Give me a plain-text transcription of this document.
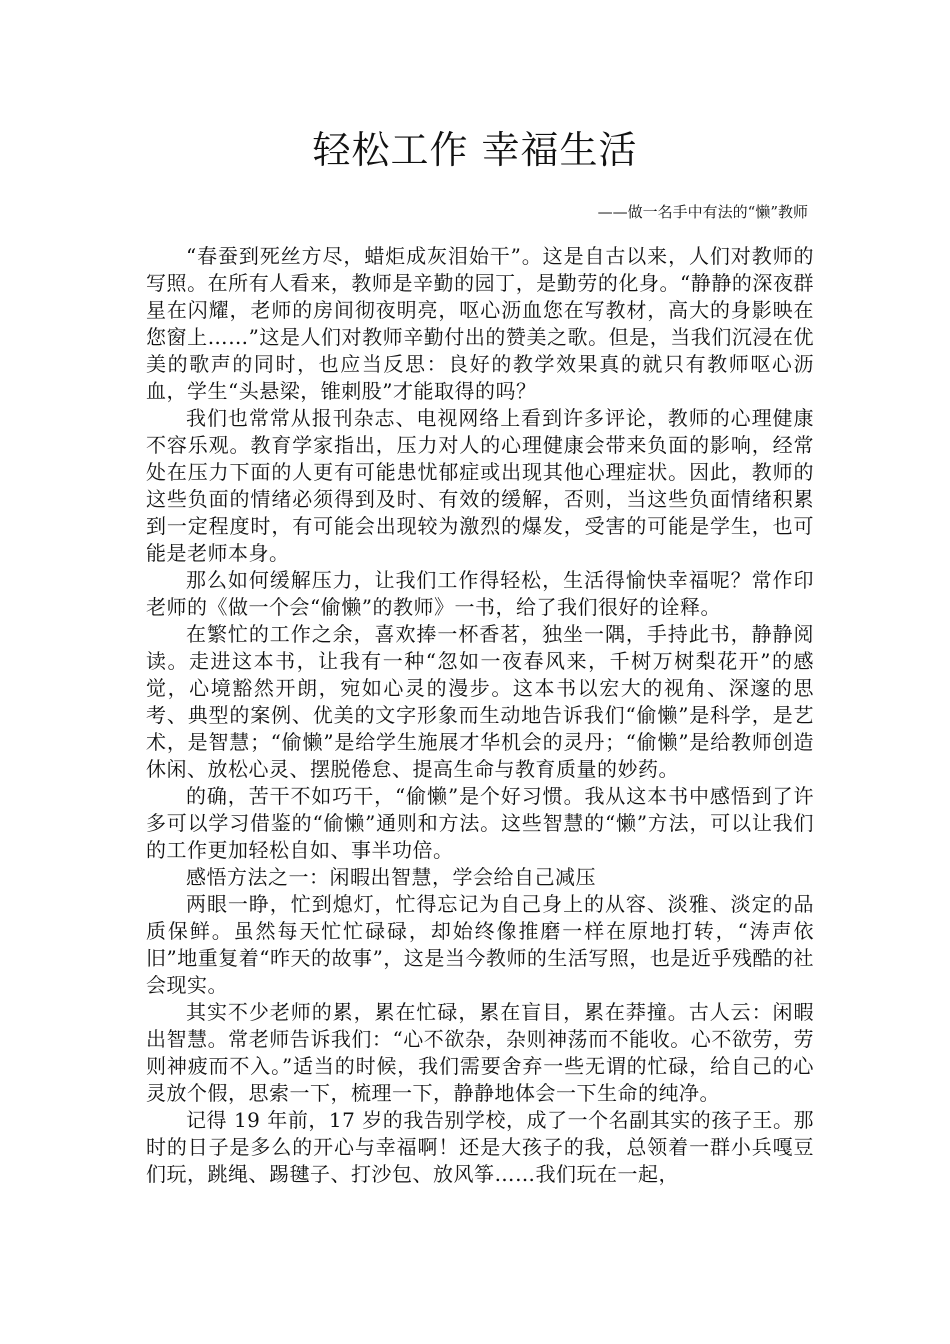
轻松工作 幸福生活

——做一名手中有法的“懒”教师

“春蚕到死丝方尽，蜡炬成灰泪始干”。这是自古以来，人们对教师的写照。在所有人看来，教师是辛勤的园丁，是勤劳的化身。“静静的深夜群星在闪耀，老师的房间彻夜明亮，呕心沥血您在写教材，高大的身影映在您窗上……”这是人们对教师辛勤付出的赞美之歌。但是，当我们沉浸在优美的歌声的同时，也应当反思：良好的教学效果真的就只有教师呕心沥血，学生“头悬梁，锥刺股”才能取得的吗？

我们也常常从报刊杂志、电视网络上看到许多评论，教师的心理健康不容乐观。教育学家指出，压力对人的心理健康会带来负面的影响，经常处在压力下面的人更有可能患忧郁症或出现其他心理症状。因此，教师的这些负面的情绪必须得到及时、有效的缓解，否则，当这些负面情绪积累到一定程度时，有可能会出现较为激烈的爆发，受害的可能是学生，也可能是老师本身。

那么如何缓解压力，让我们工作得轻松，生活得愉快幸福呢？常作印老师的《做一个会“偷懒”的教师》一书，给了我们很好的诠释。

在繁忙的工作之余，喜欢捧一杯香茗，独坐一隅，手持此书，静静阅读。走进这本书，让我有一种“忽如一夜春风来，千树万树梨花开”的感觉，心境豁然开朗，宛如心灵的漫步。这本书以宏大的视角、深邃的思考、典型的案例、优美的文字形象而生动地告诉我们“偷懒”是科学，是艺术，是智慧；“偷懒”是给学生施展才华机会的灵丹；“偷懒”是给教师创造休闲、放松心灵、摆脱倦怠、提高生命与教育质量的妙药。

的确，苦干不如巧干，“偷懒”是个好习惯。我从这本书中感悟到了许多可以学习借鉴的“偷懒”通则和方法。这些智慧的“懒”方法，可以让我们的工作更加轻松自如、事半功倍。

感悟方法之一：闲暇出智慧，学会给自己减压

两眼一睁，忙到熄灯，忙得忘记为自己身上的从容、淡雅、淡定的品质保鲜。虽然每天忙忙碌碌，却始终像推磨一样在原地打转，“涛声依旧”地重复着“昨天的故事”，这是当今教师的生活写照，也是近乎残酷的社会现实。

其实不少老师的累，累在忙碌，累在盲目，累在莽撞。古人云：闲暇出智慧。常老师告诉我们：“心不欲杂，杂则神荡而不能收。心不欲劳，劳则神疲而不入。”适当的时候，我们需要舍弃一些无谓的忙碌，给自己的心灵放个假，思索一下，梳理一下，静静地体会一下生命的纯净。

记得 19 年前，17 岁的我告别学校，成了一个名副其实的孩子王。那时的日子是多么的开心与幸福啊！还是大孩子的我，总领着一群小兵嘎豆们玩，跳绳、踢毽子、打沙包、放风筝……我们玩在一起，
